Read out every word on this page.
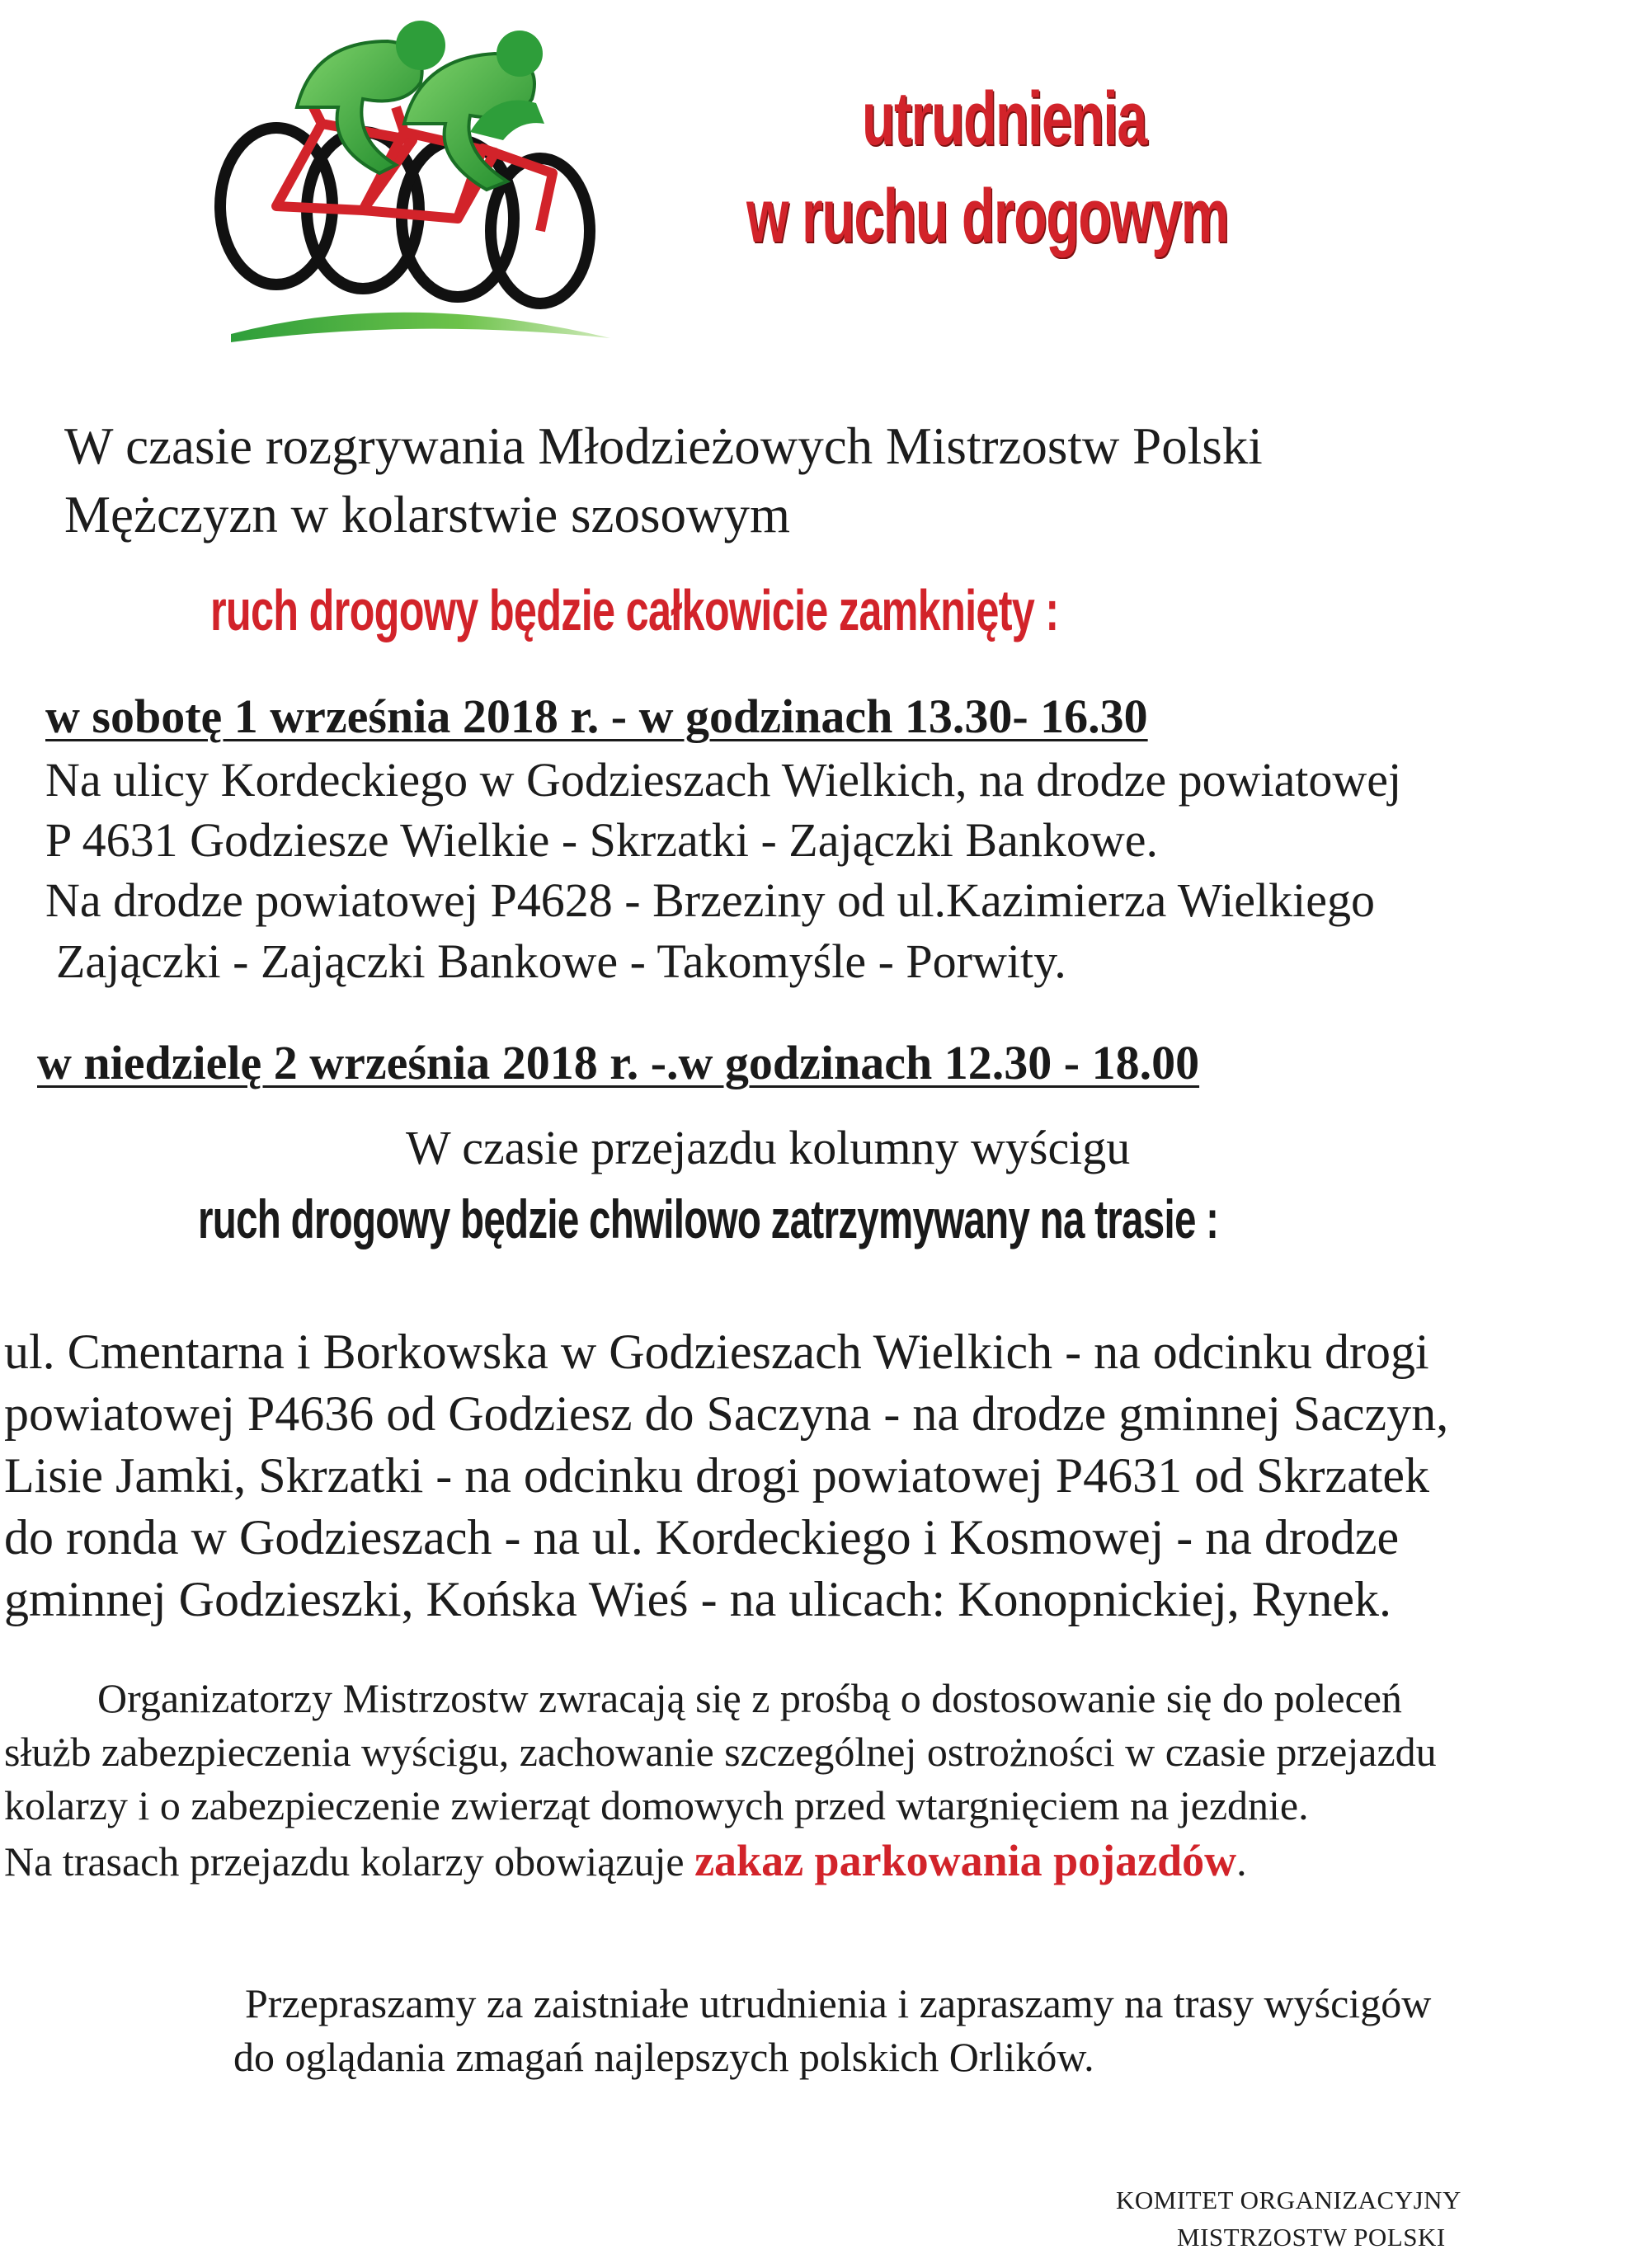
utrudnienia
w ruchu drogowym
W czasie rozgrywania Młodzieżowych Mistrzostw Polski
Mężczyzn w kolarstwie szosowym
ruch drogowy będzie całkowicie zamknięty :
w sobotę 1 września 2018 r. - w godzinach 13.30- 16.30
Na ulicy Kordeckiego w Godzieszach Wielkich, na drodze powiatowej
P 4631 Godziesze Wielkie - Skrzatki - Zajączki Bankowe.
Na drodze powiatowej P4628 - Brzeziny od ul.Kazimierza Wielkiego
Zajączki - Zajączki Bankowe - Takomyśle - Porwity.
w niedzielę 2 września 2018 r. -.w godzinach 12.30 - 18.00
W czasie przejazdu kolumny wyścigu
ruch drogowy będzie chwilowo zatrzymywany na trasie :
ul. Cmentarna i Borkowska w Godzieszach Wielkich - na odcinku drogi
powiatowej P4636 od Godziesz do Saczyna - na drodze gminnej Saczyn,
Lisie Jamki, Skrzatki - na odcinku drogi powiatowej P4631 od Skrzatek
do ronda w Godzieszach - na ul. Kordeckiego i Kosmowej - na drodze
gminnej Godzieszki, Końska Wieś - na ulicach: Konopnickiej, Rynek.
Organizatorzy Mistrzostw zwracają się z prośbą o dostosowanie się do poleceń
służb zabezpieczenia wyścigu, zachowanie szczególnej ostrożności w czasie przejazdu
kolarzy i o zabezpieczenie zwierząt domowych przed wtargnięciem na jezdnie.
Na trasach przejazdu kolarzy obowiązuje zakaz parkowania pojazdów.
Przepraszamy za zaistniałe utrudnienia i zapraszamy na trasy wyścigów
do oglądania zmagań najlepszych polskich Orlików.
KOMITET ORGANIZACYJNY
MISTRZOSTW POLSKI
